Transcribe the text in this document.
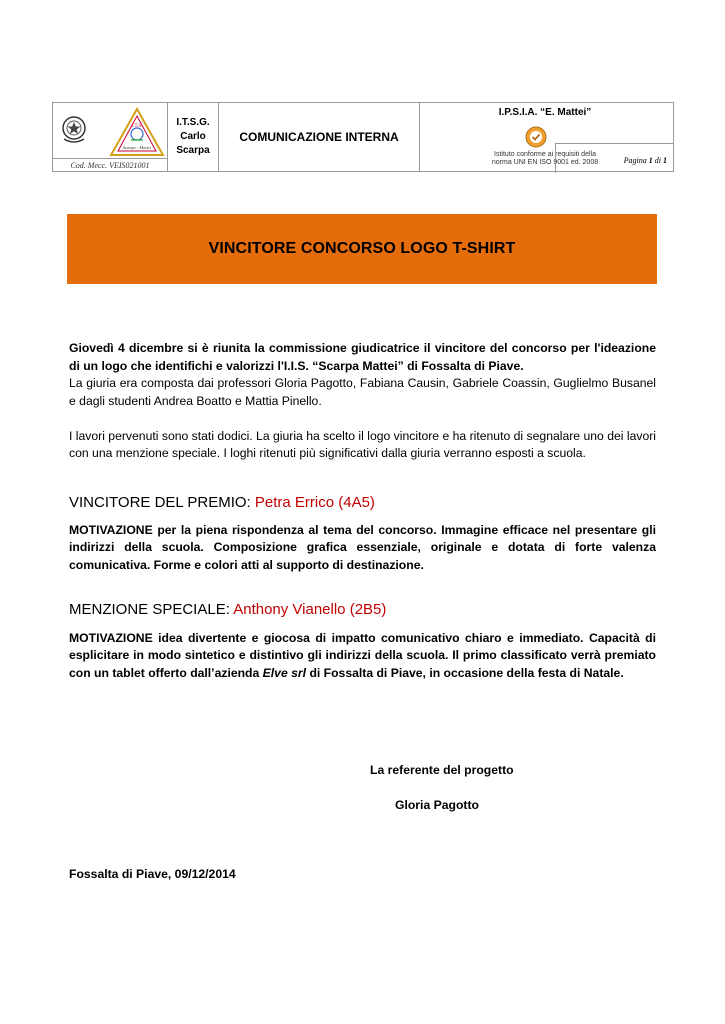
I.T.S.
Scarpa - Mattei
Cod. Mecc. VEIS021001

I.T.S.G.
Carlo
Scarpa
	COMUNICAZIONE INTERNA	
I.P.S.I.A. “E. Mattei”
Istituto conforme ai requisiti della
norma UNI EN ISO 9001 ed. 2008	Pagina 1 di 1
VINCITORE CONCORSO LOGO T-SHIRT

Giovedì 4 dicembre si è riunita la commissione giudicatrice il vincitore del concorso per l'ideazione di un logo che identifichi e valorizzi l'I.I.S. “Scarpa Mattei” di Fossalta di Piave.

La giuria era composta dai professori Gloria Pagotto, Fabiana Causin, Gabriele Coassin, Guglielmo Busanel e dagli studenti Andrea Boatto e Mattia Pinello.

I lavori pervenuti sono stati dodici. La giuria ha scelto il logo vincitore e ha ritenuto di segnalare uno dei lavori con una menzione speciale. I loghi ritenuti più significativi dalla giuria verranno esposti a scuola.

VINCITORE DEL PREMIO: Petra Errico (4A5)

MOTIVAZIONE per la piena rispondenza al tema del concorso. Immagine efficace nel presentare gli indirizzi della scuola. Composizione grafica essenziale, originale e dotata di forte valenza comunicativa. Forme e colori atti al supporto di destinazione.

MENZIONE SPECIALE: Anthony Vianello (2B5)

MOTIVAZIONE idea divertente e giocosa di impatto comunicativo chiaro e immediato. Capacità di esplicitare in modo sintetico e distintivo gli indirizzi della scuola. Il primo classificato verrà premiato con un tablet offerto dall’azienda Elve srl di Fossalta di Piave, in occasione della festa di Natale.

La referente del progetto
Gloria Pagotto
Fossalta di Piave, 09/12/2014
